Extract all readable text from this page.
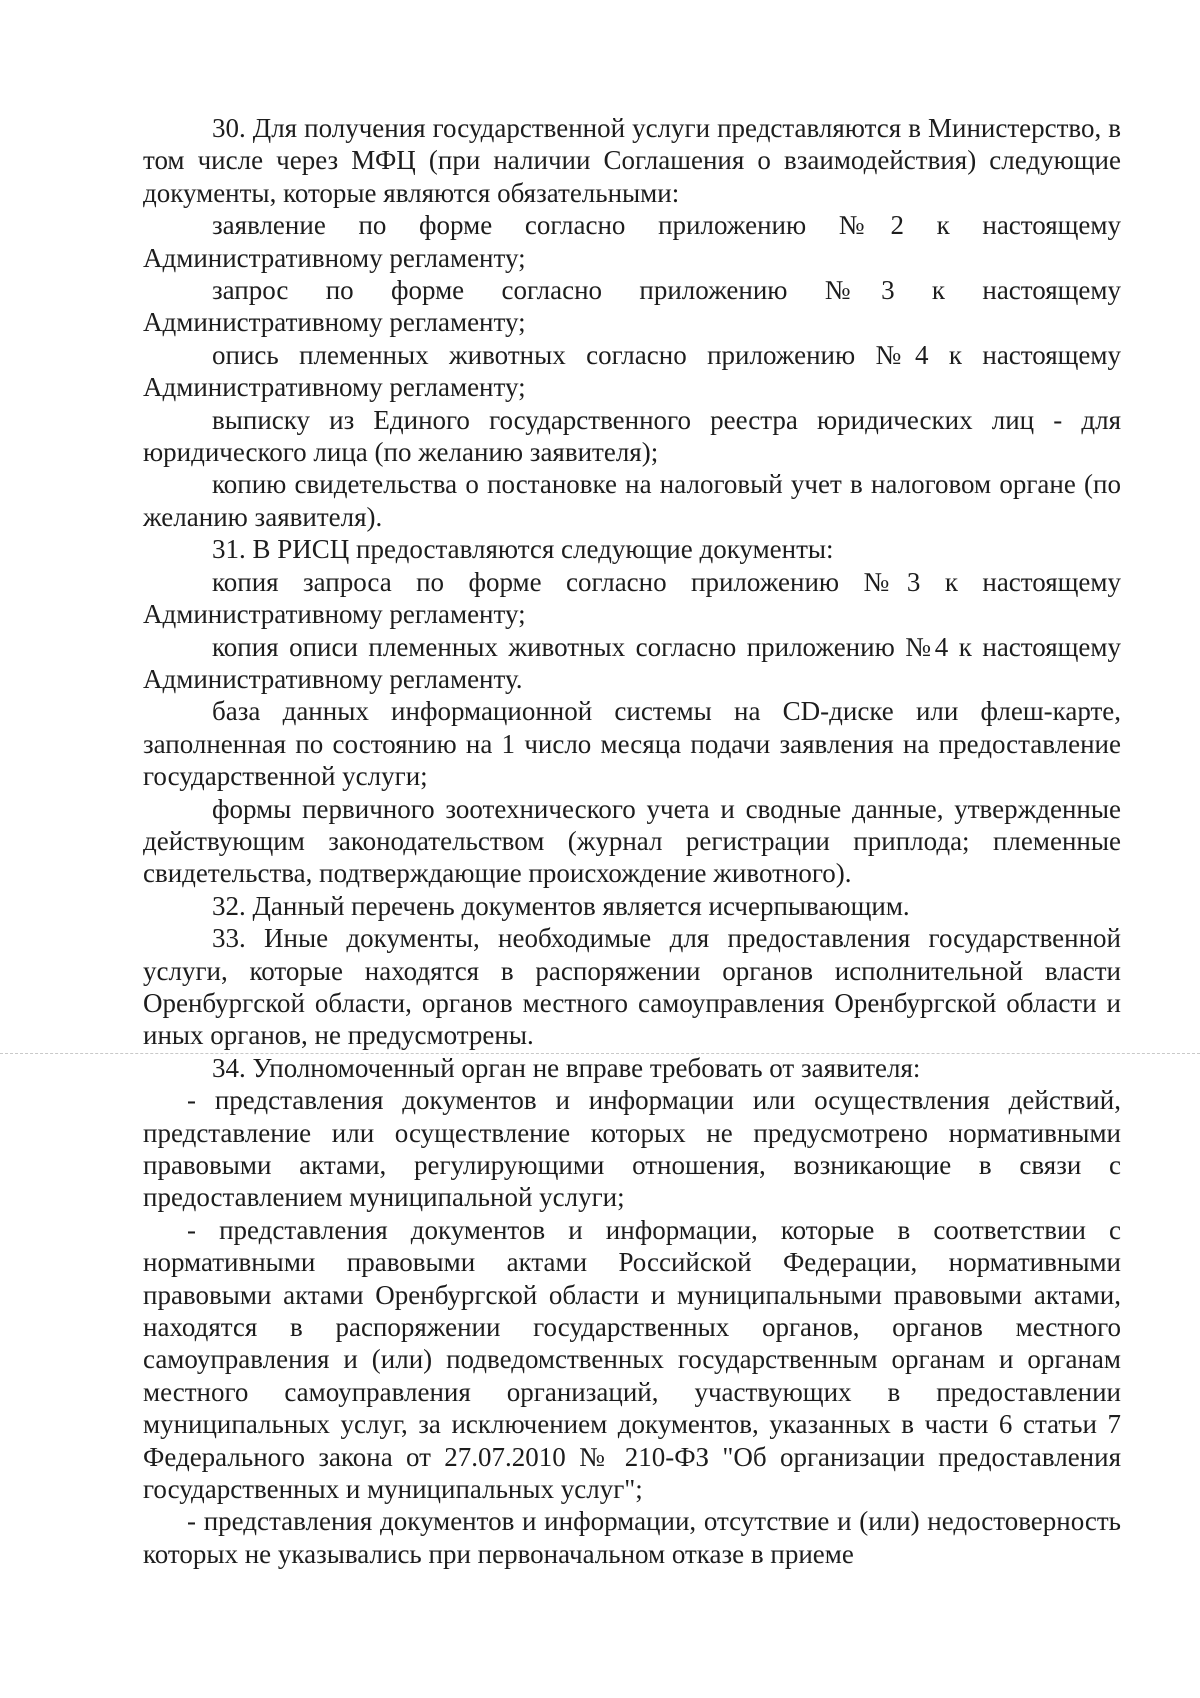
30. Для получения государственной услуги представляются в Министерство, в том числе через МФЦ (при наличии Соглашения о взаимодействия) следующие документы, которые являются обязательными:

заявление по форме согласно приложению №2 к настоящему Административному регламенту;

запрос по форме согласно приложению №3 к настоящему Административному регламенту;

опись племенных животных согласно приложению №4 к настоящему Административному регламенту;

выписку из Единого государственного реестра юридических лиц - для юридического лица (по желанию заявителя);

копию свидетельства о постановке на налоговый учет в налоговом органе (по желанию заявителя).

31. В РИСЦ предоставляются следующие документы:

копия запроса по форме согласно приложению №3 к настоящему Административному регламенту;

копия описи племенных животных согласно приложению №4 к настоящему Административному регламенту.

база данных информационной системы на CD-диске или флеш-карте, заполненная по состоянию на 1 число месяца подачи заявления на предоставление государственной услуги;

формы первичного зоотехнического учета и сводные данные, утвержденные действующим законодательством (журнал регистрации приплода; племенные свидетельства, подтверждающие происхождение животного).

32. Данный перечень документов является исчерпывающим.

33. Иные документы, необходимые для предоставления государственной услуги, которые находятся в распоряжении органов исполнительной власти Оренбургской области, органов местного самоуправления Оренбургской области и иных органов, не предусмотрены.

34. Уполномоченный орган не вправе требовать от заявителя:

- представления документов и информации или осуществления действий, представление или осуществление которых не предусмотрено нормативными правовыми актами, регулирующими отношения, возникающие в связи с предоставлением муниципальной услуги;

- представления документов и информации, которые в соответствии с нормативными правовыми актами Российской Федерации, нормативными правовыми актами Оренбургской области и муниципальными правовыми актами, находятся в распоряжении государственных органов, органов местного самоуправления и (или) подведомственных государственным органам и органам местного самоуправления организаций, участвующих в предоставлении муниципальных услуг, за исключением документов, указанных в части 6 статьи 7 Федерального закона от 27.07.2010 № 210-ФЗ "Об организации предоставления государственных и муниципальных услуг";

- представления документов и информации, отсутствие и (или) недостоверность которых не указывались при первоначальном отказе в приеме
